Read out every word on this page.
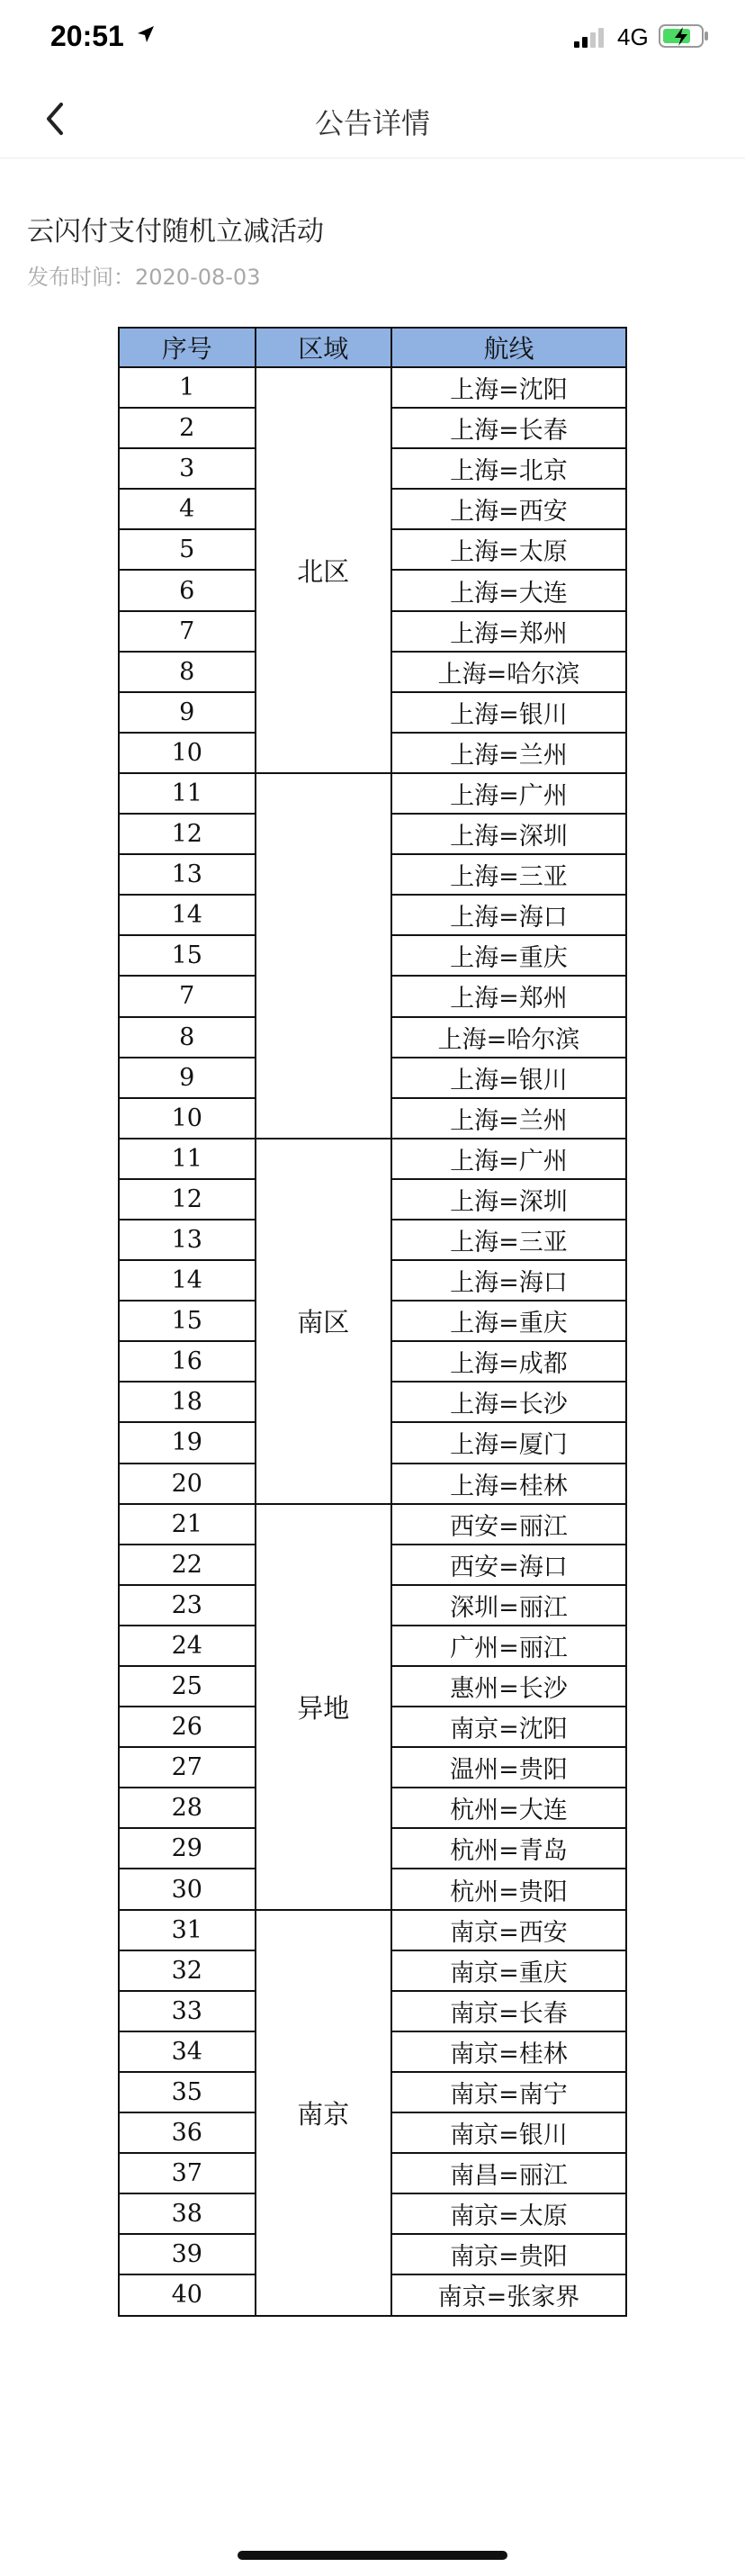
20:51	4G
公告详情
云闪付支付随机立减活动
发布时间：2020-08-03
序号	区域	航线
1	北区	上海=沈阳
2		上海=长春
3		上海=北京
4		上海=西安
5		上海=太原
6		上海=大连
7		上海=郑州
8		上海=哈尔滨
9		上海=银川
10		上海=兰州
11		上海=广州
12		上海=深圳
13		上海=三亚
14		上海=海口
15		上海=重庆
7		上海=郑州
8		上海=哈尔滨
9		上海=银川
10		上海=兰州
11	南区	上海=广州
12		上海=深圳
13		上海=三亚
14		上海=海口
15		上海=重庆
16		上海=成都
18		上海=长沙
19		上海=厦门
20		上海=桂林
21	异地	西安=丽江
22		西安=海口
23		深圳=丽江
24		广州=丽江
25		惠州=长沙
26		南京=沈阳
27		温州=贵阳
28		杭州=大连
29		杭州=青岛
30		杭州=贵阳
31	南京	南京=西安
32		南京=重庆
33		南京=长春
34		南京=桂林
35		南京=南宁
36		南京=银川
37		南昌=丽江
38		南京=太原
39		南京=贵阳
40		南京=张家界
